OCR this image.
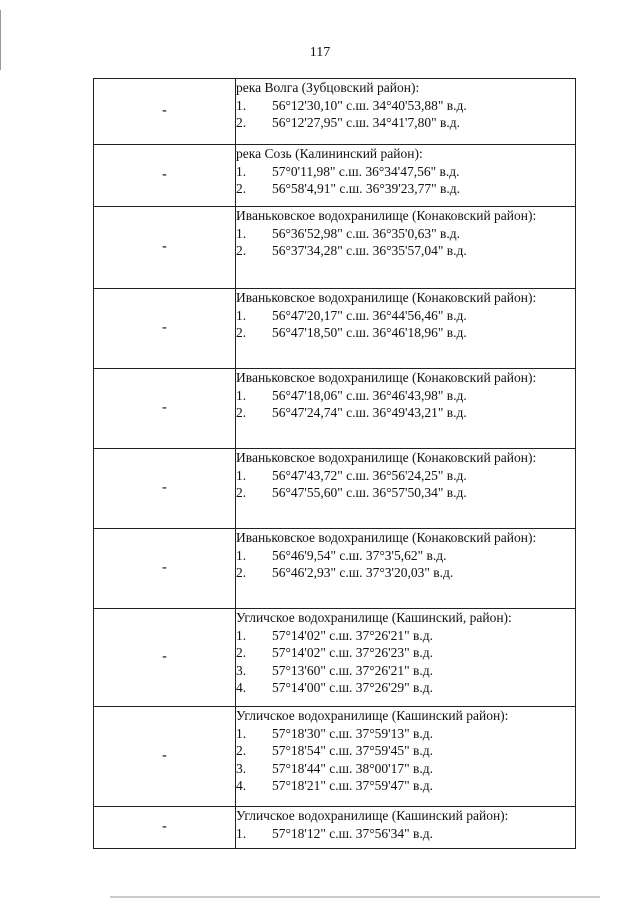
117
-	река Волга (Зубцовский район):
1. 56°12'30,10" с.ш. 34°40'53,88" в.д.
2. 56°12'27,95" с.ш. 34°41'7,80" в.д.

-	река Созь (Калининский район):
1. 57°0'11,98" с.ш. 36°34'47,56" в.д.
2. 56°58'4,91" с.ш. 36°39'23,77" в.д.

-	Иваньковское водохранилище (Конаковский район):
1. 56°36'52,98" с.ш. 36°35'0,63" в.д.
2. 56°37'34,28" с.ш. 36°35'57,04" в.д.

-	Иваньковское водохранилище (Конаковский район):
1. 56°47'20,17" с.ш. 36°44'56,46" в.д.
2. 56°47'18,50" с.ш. 36°46'18,96" в.д.

-	Иваньковское водохранилище (Конаковский район):
1. 56°47'18,06" с.ш. 36°46'43,98" в.д.
2. 56°47'24,74" с.ш. 36°49'43,21" в.д.

-	Иваньковское водохранилище (Конаковский район):
1. 56°47'43,72" с.ш. 36°56'24,25" в.д.
2. 56°47'55,60" с.ш. 36°57'50,34" в.д.

-	Иваньковское водохранилище (Конаковский район):
1. 56°46'9,54" с.ш. 37°3'5,62" в.д.
2. 56°46'2,93" с.ш. 37°3'20,03" в.д.

-	Угличское водохранилище (Кашинский, район):
1. 57°14'02" с.ш. 37°26'21" в.д.
2. 57°14'02" с.ш. 37°26'23" в.д.
3. 57°13'60" с.ш. 37°26'21" в.д.
4. 57°14'00" с.ш. 37°26'29" в.д.

-	Угличское водохранилище (Кашинский район):
1. 57°18'30" с.ш. 37°59'13" в.д.
2. 57°18'54" с.ш. 37°59'45" в.д.
3. 57°18'44" с.ш. 38°00'17" в.д.
4. 57°18'21" с.ш. 37°59'47" в.д.

-	Угличское водохранилище (Кашинский район):
1. 57°18'12" с.ш. 37°56'34" в.д.
